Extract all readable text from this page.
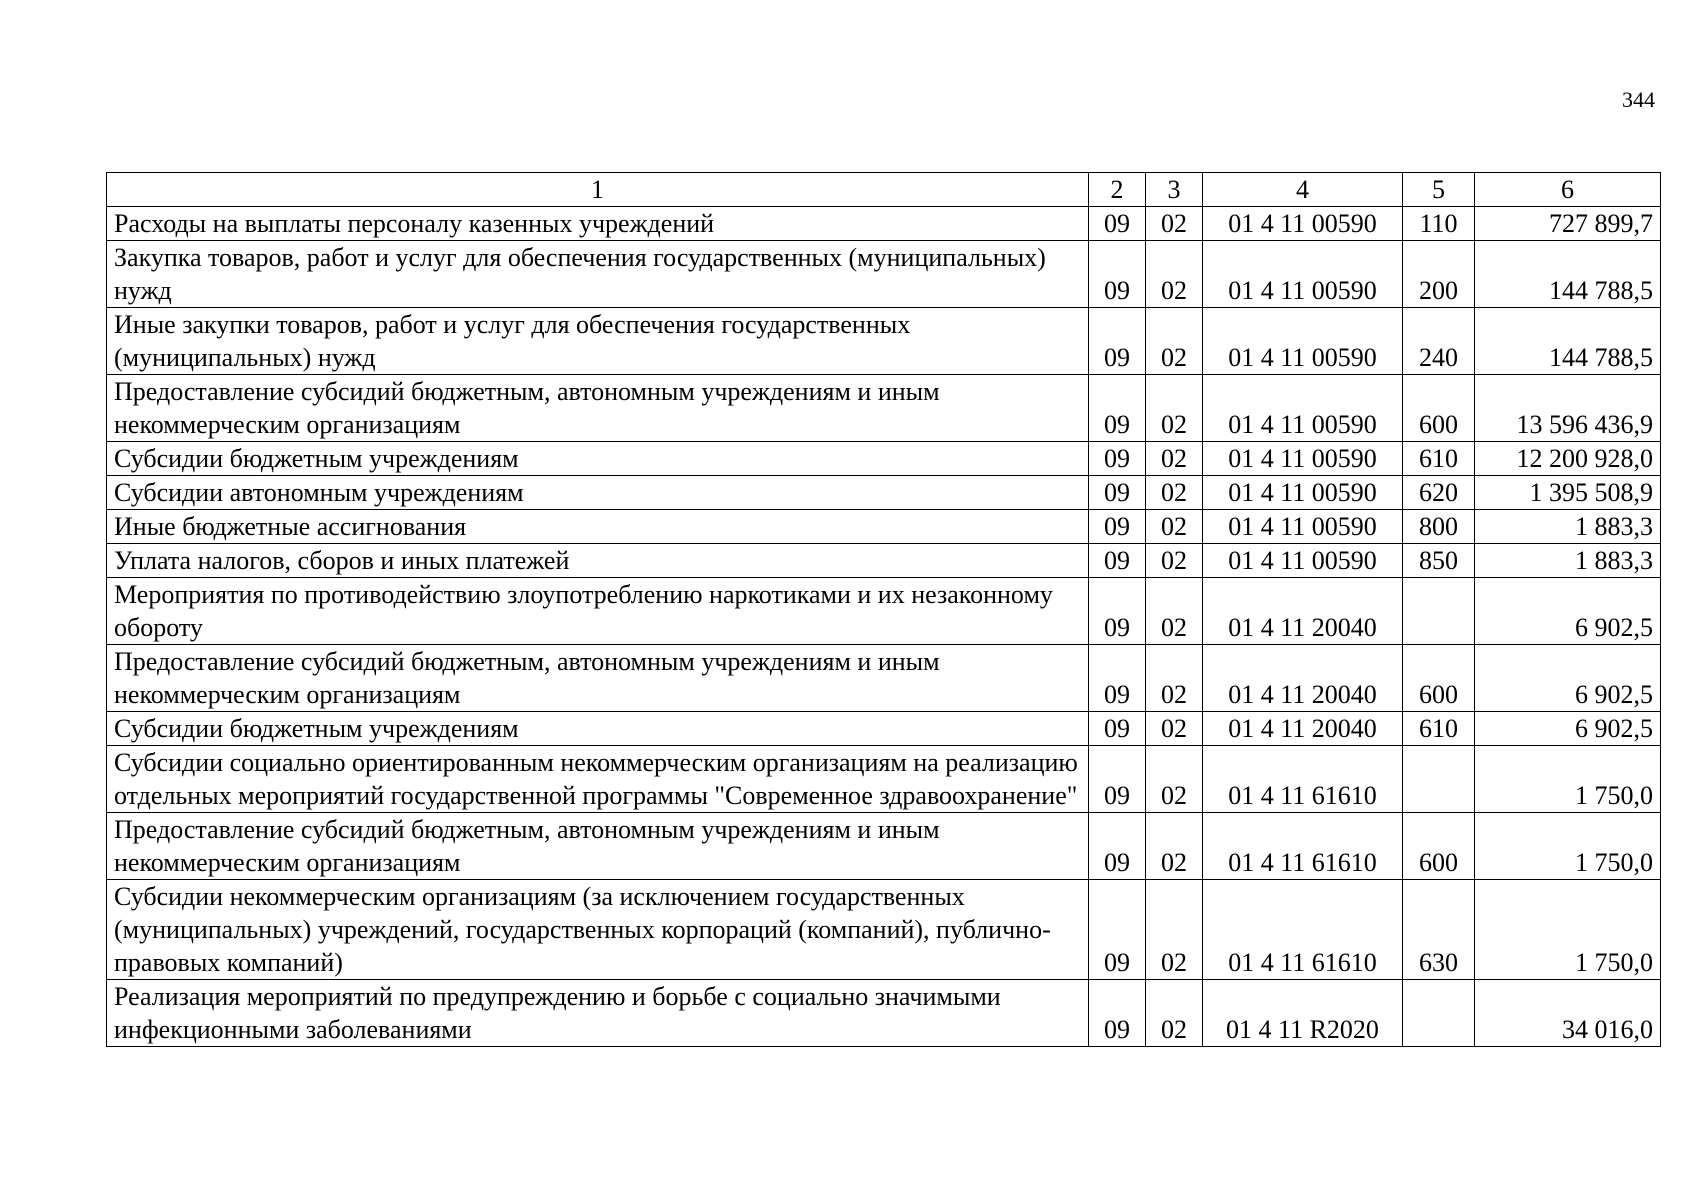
344
1	2	3	4	5	6
Расходы на выплаты персоналу казенных учреждений	09	02	01 4 11 00590	110	727 899,7
Закупка товаров, работ и услуг для обеспечения государственных (муниципальных) нужд	09	02	01 4 11 00590	200	144 788,5
Иные закупки товаров, работ и услуг для обеспечения государственных (муниципальных) нужд	09	02	01 4 11 00590	240	144 788,5
Предоставление субсидий бюджетным, автономным учреждениям и иным некоммерческим организациям	09	02	01 4 11 00590	600	13 596 436,9
Субсидии бюджетным учреждениям	09	02	01 4 11 00590	610	12 200 928,0
Субсидии автономным учреждениям	09	02	01 4 11 00590	620	1 395 508,9
Иные бюджетные ассигнования	09	02	01 4 11 00590	800	1 883,3
Уплата налогов, сборов и иных платежей	09	02	01 4 11 00590	850	1 883,3
Мероприятия по противодействию злоупотреблению наркотиками и их незаконному обороту	09	02	01 4 11 20040		6 902,5
Предоставление субсидий бюджетным, автономным учреждениям и иным некоммерческим организациям	09	02	01 4 11 20040	600	6 902,5
Субсидии бюджетным учреждениям	09	02	01 4 11 20040	610	6 902,5
Субсидии социально ориентированным некоммерческим организациям на реализацию отдельных мероприятий государственной программы "Современное здравоохранение"	09	02	01 4 11 61610		1 750,0
Предоставление субсидий бюджетным, автономным учреждениям и иным некоммерческим организациям	09	02	01 4 11 61610	600	1 750,0
Субсидии некоммерческим организациям (за исключением государственных (муниципальных) учреждений, государственных корпораций (компаний), публично-правовых компаний)	09	02	01 4 11 61610	630	1 750,0
Реализация мероприятий по предупреждению и борьбе с социально значимыми инфекционными заболеваниями	09	02	01 4 11 R2020		34 016,0
